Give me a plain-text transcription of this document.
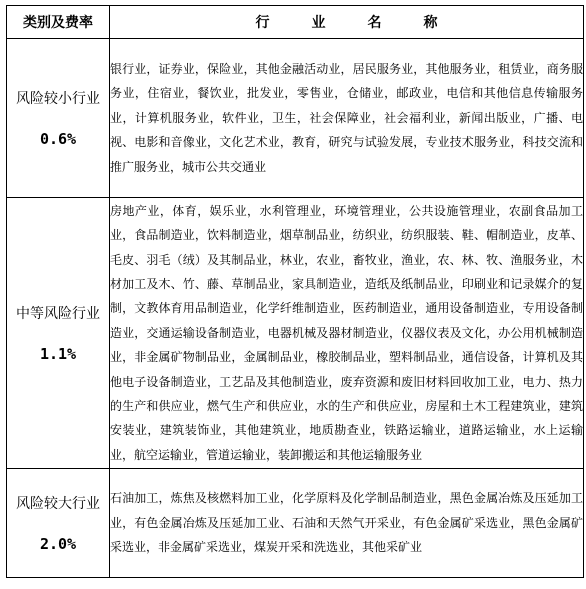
类别及费率	行业名称

风险较小行业
0.6%	银行业，证券业，保险业，其他金融活动业，居民服务业，其他服务业，租赁业，商务服务业，住宿业，餐饮业，批发业，零售业，仓储业，邮政业，电信和其他信息传输服务业，计算机服务业，软件业，卫生，社会保障业，社会福利业，新闻出版业，广播、电视、电影和音像业，文化艺术业，教育，研究与试验发展，专业技术服务业，科技交流和推广服务业，城市公共交通业

中等风险行业
1.1%	房地产业，体育，娱乐业，水利管理业，环境管理业，公共设施管理业，农副食品加工业，食品制造业，饮料制造业，烟草制品业，纺织业，纺织服装、鞋、帽制造业，皮革、毛皮、羽毛（绒）及其制品业，林业，农业，畜牧业，渔业，农、林、牧、渔服务业，木材加工及木、竹、藤、草制品业，家具制造业，造纸及纸制品业，印刷业和记录媒介的复制，文教体育用品制造业，化学纤维制造业，医药制造业，通用设备制造业，专用设备制造业，交通运输设备制造业，电器机械及器材制造业，仪器仪表及文化，办公用机械制造业，非金属矿物制品业，金属制品业，橡胶制品业，塑料制品业，通信设备，计算机及其他电子设备制造业，工艺品及其他制造业，废弃资源和废旧材料回收加工业，电力、热力的生产和供应业，燃气生产和供应业，水的生产和供应业，房屋和土木工程建筑业，建筑安装业，建筑装饰业，其他建筑业，地质勘查业，铁路运输业，道路运输业，水上运输业，航空运输业，管道运输业，装卸搬运和其他运输服务业

风险较大行业
2.0%	石油加工，炼焦及核燃料加工业，化学原料及化学制品制造业，黑色金属冶炼及压延加工业，有色金属冶炼及压延加工业、石油和天然气开采业，有色金属矿采选业，黑色金属矿采选业，非金属矿采选业，煤炭开采和洗选业，其他采矿业
